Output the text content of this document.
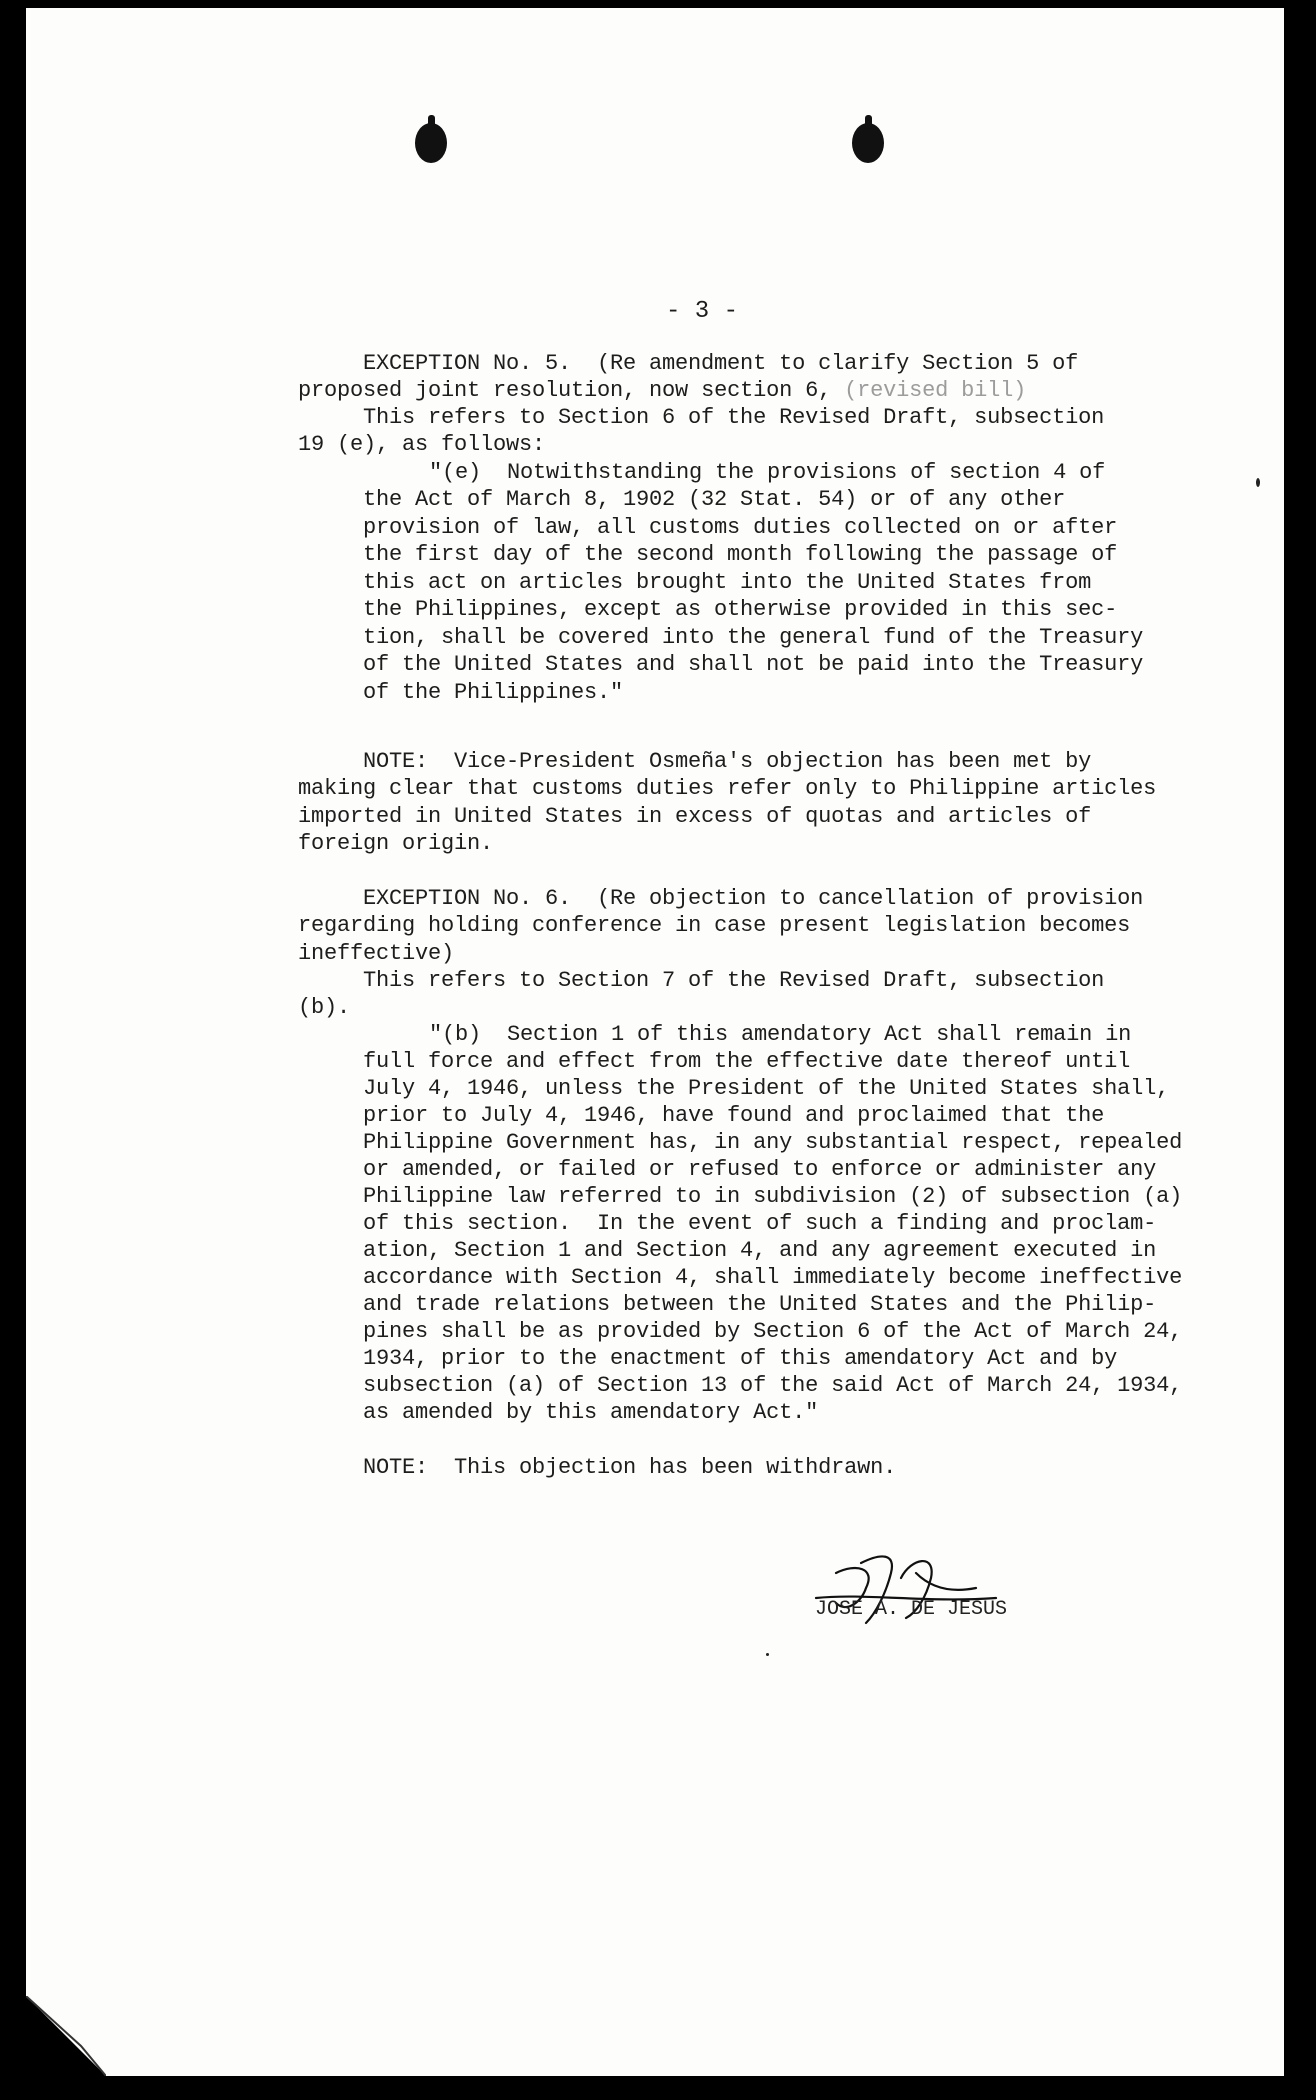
- 3 -
EXCEPTION No. 5.  (Re amendment to clarify Section 5 of
proposed joint resolution, now section 6, (revised bill)
This refers to Section 6 of the Revised Draft, subsection
19 (e), as follows:
"(e)  Notwithstanding the provisions of section 4 of
the Act of March 8, 1902 (32 Stat. 54) or of any other
provision of law, all customs duties collected on or after
the first day of the second month following the passage of
this act on articles brought into the United States from
the Philippines, except as otherwise provided in this sec-
tion, shall be covered into the general fund of the Treasury
of the United States and shall not be paid into the Treasury
of the Philippines."
NOTE:  Vice-President Osmeña's objection has been met by
making clear that customs duties refer only to Philippine articles
imported in United States in excess of quotas and articles of
foreign origin.
EXCEPTION No. 6.  (Re objection to cancellation of provision
regarding holding conference in case present legislation becomes
ineffective)
This refers to Section 7 of the Revised Draft, subsection
(b).
"(b)  Section 1 of this amendatory Act shall remain in
full force and effect from the effective date thereof until
July 4, 1946, unless the President of the United States shall,
prior to July 4, 1946, have found and proclaimed that the
Philippine Government has, in any substantial respect, repealed
or amended, or failed or refused to enforce or administer any
Philippine law referred to in subdivision (2) of subsection (a)
of this section.  In the event of such a finding and proclam-
ation, Section 1 and Section 4, and any agreement executed in
accordance with Section 4, shall immediately become ineffective
and trade relations between the United States and the Philip-
pines shall be as provided by Section 6 of the Act of March 24,
1934, prior to the enactment of this amendatory Act and by
subsection (a) of Section 13 of the said Act of March 24, 1934,
as amended by this amendatory Act."
NOTE:  This objection has been withdrawn.
JOSE A. DE JESUS
